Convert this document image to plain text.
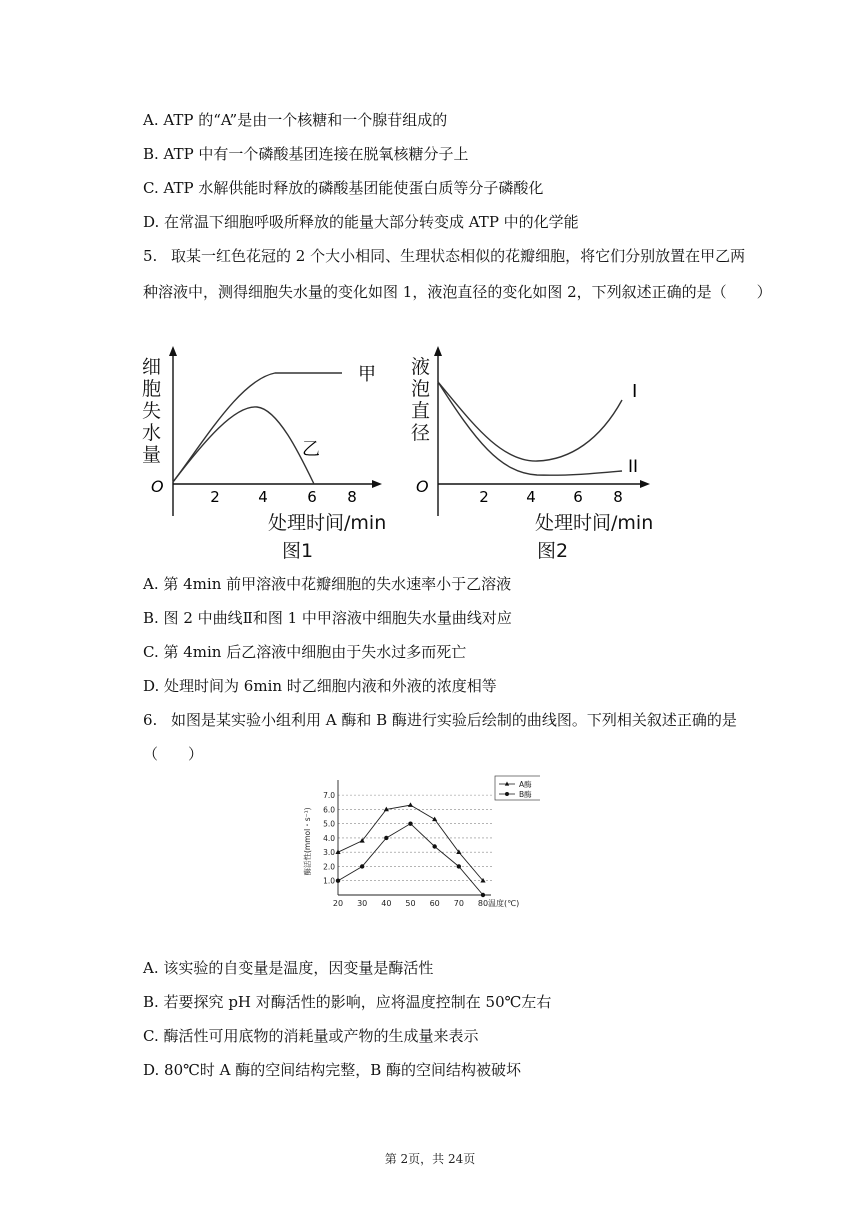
A. ATP 的“A”是由一个核糖和一个腺苷组成的
B. ATP 中有一个磷酸基团连接在脱氧核糖分子上
C. ATP 水解供能时释放的磷酸基团能使蛋白质等分子磷酸化
D. 在常温下细胞呼吸所释放的能量大部分转变成 ATP 中的化学能
5. 取某一红色花冠的 2 个大小相同、生理状态相似的花瓣细胞，将它们分别放置在甲乙两
种溶液中，测得细胞失水量的变化如图 1，液泡直径的变化如图 2，下列叙述正确的是（　　）
O
2	4	6 8
甲
乙
细胞失水量
处理时间/min
图1
O
2 4 6 8
I
II
液泡直径
处理时间/min
图2
A. 第 4min 前甲溶液中花瓣细胞的失水速率小于乙溶液
B. 图 2 中曲线Ⅱ和图 1 中甲溶液中细胞失水量曲线对应
C. 第 4min 后乙溶液中细胞由于失水过多而死亡
D. 处理时间为 6min 时乙细胞内液和外液的浓度相等
6. 如图是某实验小组利用 A 酶和 B 酶进行实验后绘制的曲线图。下列相关叙述正确的是
（　　）
1.0
2.0
3.0
4.0
5.0
6.0
7.0
20 30 40 50 60 70 80 温度(℃)
酶活性(mmol・s⁻¹)
A酶
B酶
A. 该实验的自变量是温度，因变量是酶活性
B. 若要探究 pH 对酶活性的影响，应将温度控制在 50℃左右
C. 酶活性可用底物的消耗量或产物的生成量来表示
D. 80℃时 A 酶的空间结构完整，B 酶的空间结构被破坏
第 2页，共 24页
